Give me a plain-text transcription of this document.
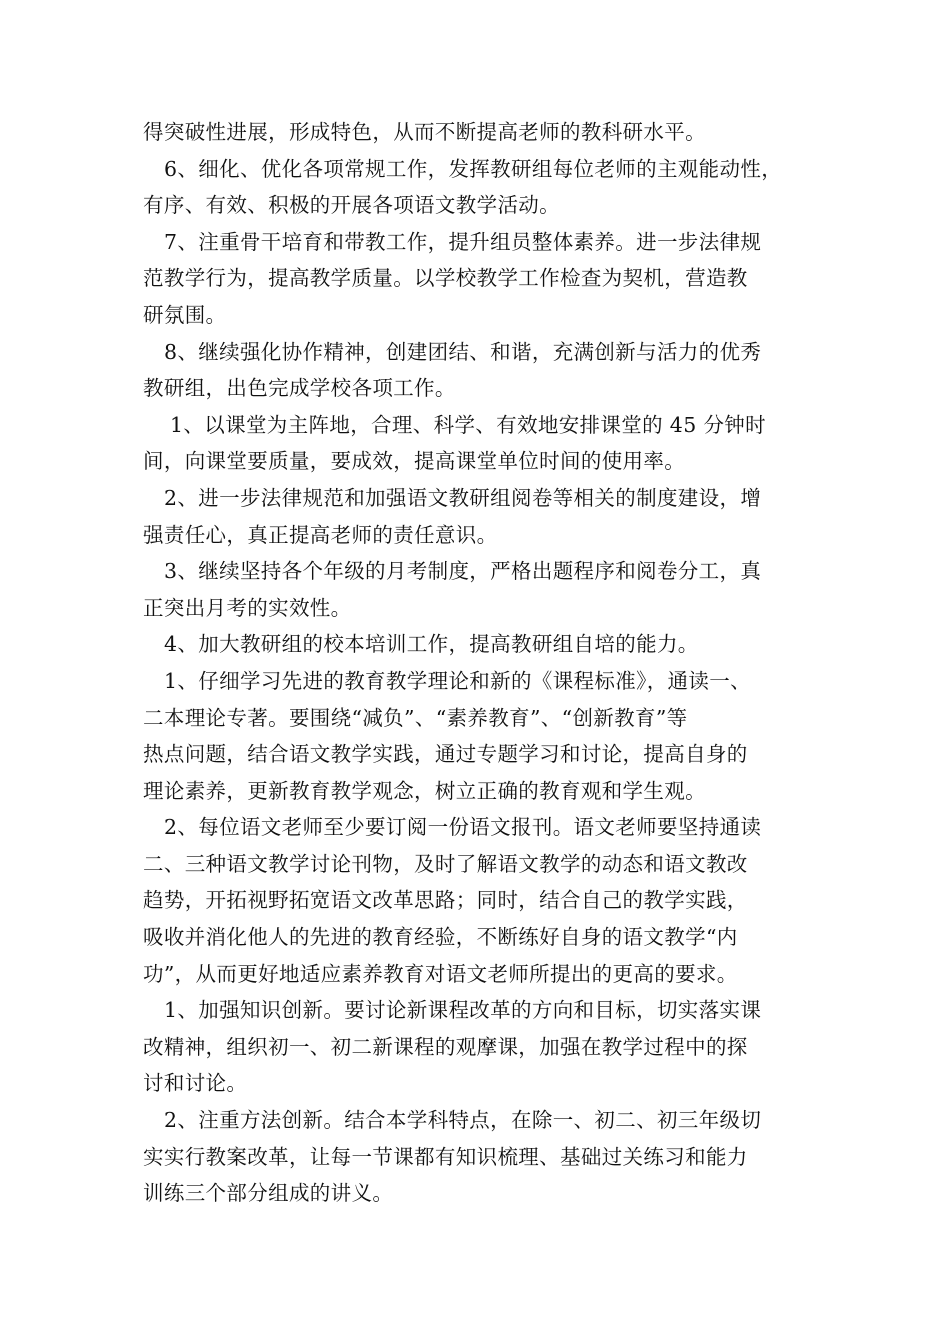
得突破性进展，形成特色，从而不断提高老师的教科研水平。
6、细化、优化各项常规工作，发挥教研组每位老师的主观能动性，
有序、有效、积极的开展各项语文教学活动。
7、注重骨干培育和带教工作，提升组员整体素养。进一步法律规
范教学行为，提高教学质量。以学校教学工作检查为契机，营造教
研氛围。
8、继续强化协作精神，创建团结、和谐，充满创新与活力的优秀
教研组，出色完成学校各项工作。
1、以课堂为主阵地，合理、科学、有效地安排课堂的 45 分钟时
间，向课堂要质量，要成效，提高课堂单位时间的使用率。
2、进一步法律规范和加强语文教研组阅卷等相关的制度建设，增
强责任心，真正提高老师的责任意识。
3、继续坚持各个年级的月考制度，严格出题程序和阅卷分工，真
正突出月考的实效性。
4、加大教研组的校本培训工作，提高教研组自培的能力。
1、仔细学习先进的教育教学理论和新的《课程标准》，通读一、
二本理论专著。要围绕“减负”、“素养教育”、“创新教育”等
热点问题，结合语文教学实践，通过专题学习和讨论，提高自身的
理论素养，更新教育教学观念，树立正确的教育观和学生观。
2、每位语文老师至少要订阅一份语文报刊。语文老师要坚持通读
二、三种语文教学讨论刊物，及时了解语文教学的动态和语文教改
趋势，开拓视野拓宽语文改革思路；同时，结合自己的教学实践，
吸收并消化他人的先进的教育经验，不断练好自身的语文教学“内
功”，从而更好地适应素养教育对语文老师所提出的更高的要求。
1、加强知识创新。要讨论新课程改革的方向和目标，切实落实课
改精神，组织初一、初二新课程的观摩课，加强在教学过程中的探
讨和讨论。
2、注重方法创新。结合本学科特点，在除一、初二、初三年级切
实实行教案改革，让每一节课都有知识梳理、基础过关练习和能力
训练三个部分组成的讲义。
